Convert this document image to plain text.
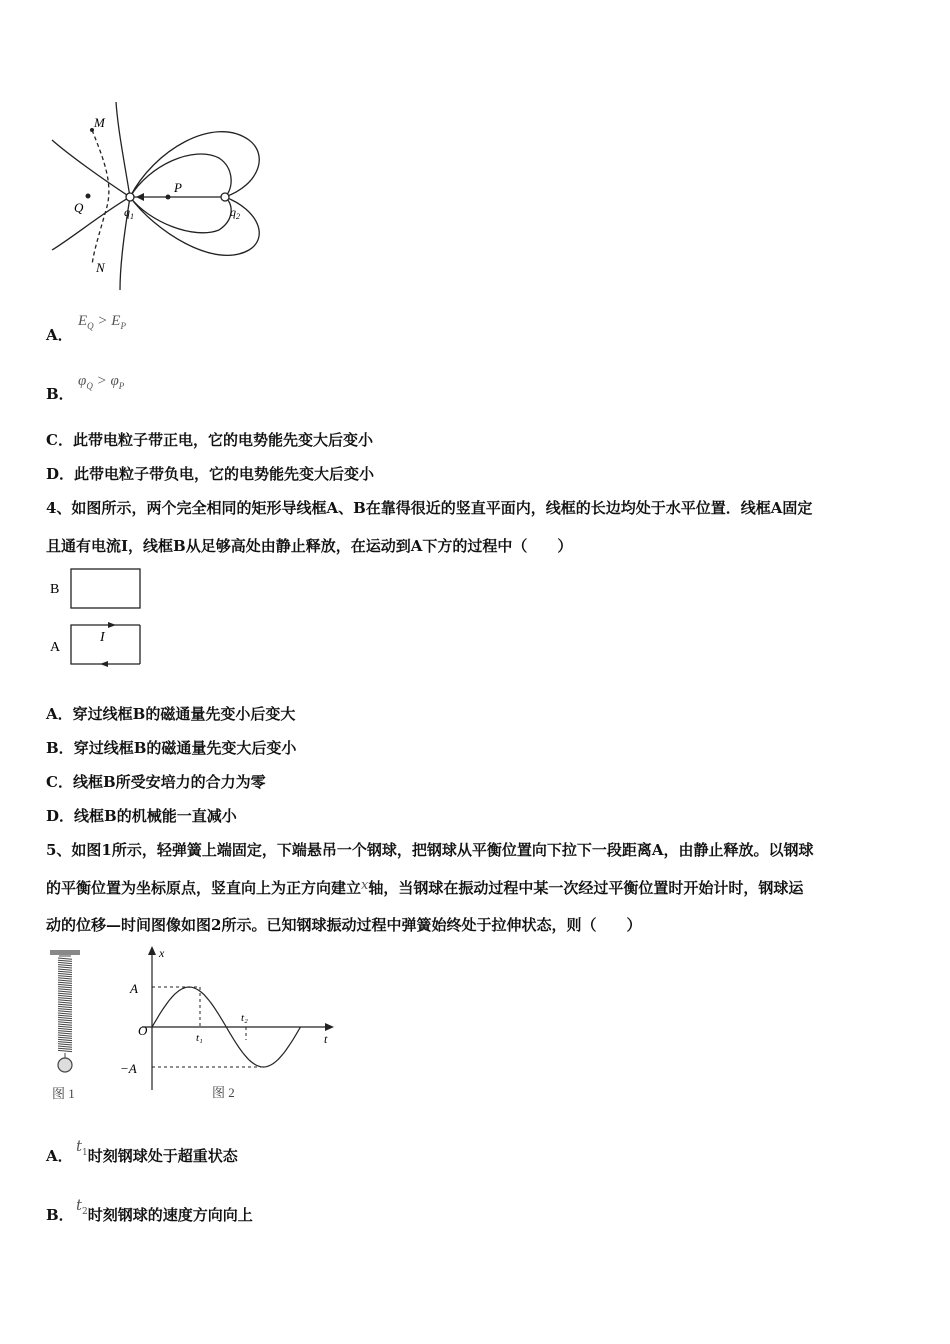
M
Q
P
N
$q_1$	$q_2$
A．
$E_Q > E_P$
B．
$\varphi_Q > \varphi_P$
C．此带电粒子带正电，它的电势能先变大后变小
D．此带电粒子带负电，它的电势能先变大后变小
4、如图所示，两个完全相同的矩形导线框A、B在靠得很近的竖直平面内，线框的长边均处于水平位置．线框A固定
且通有电流I，线框B从足够高处由静止释放，在运动到A下方的过程中（　　）
B
A
I
A．穿过线框B的磁通量先变小后变大
B．穿过线框B的磁通量先变大后变小
C．线框B所受安培力的合力为零
D．线框B的机械能一直减小
5、如图1所示，轻弹簧上端固定，下端悬吊一个钢球，把钢球从平衡位置向下拉下一段距离A，由静止释放。以钢球
的平衡位置为坐标原点，竖直向上为正方向建立x轴，当钢球在振动过程中某一次经过平衡位置时开始计时，钢球运
动的位移—时间图像如图2所示。已知钢球振动过程中弹簧始终处于拉伸状态，则（　　）
图 1
x
A
O
−A
t
t₁
t₂
图 2
A．
$t_1$时刻钢球处于超重状态
B．
$t_2$时刻钢球的速度方向向上
